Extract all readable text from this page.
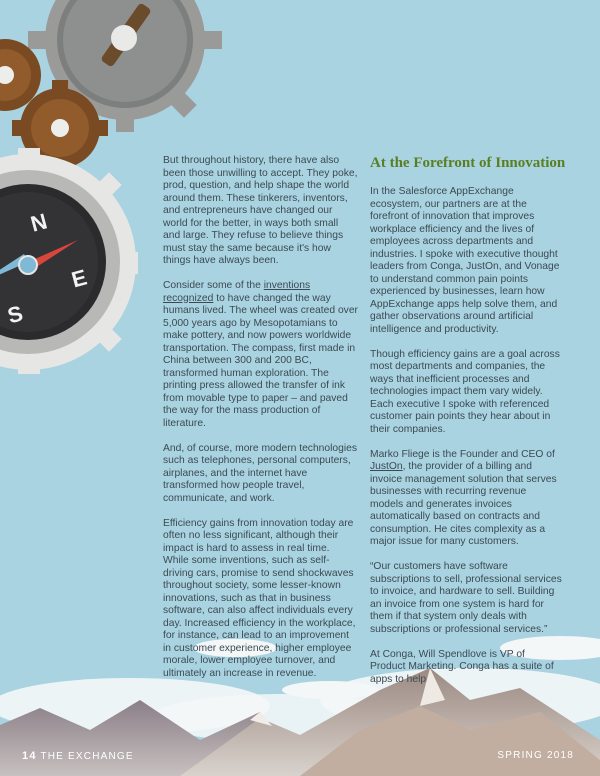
N
E
S
At the Forefront of Innovation

But throughout history, there have also been those unwilling to accept. They poke, prod, question, and help shape the world around them. These tinkerers, inventors, and entrepreneurs have changed our world for the better, in ways both small and large. They refuse to believe things must stay the same because it's how things have always been.

Consider some of the inventions recognized to have changed the way humans lived. The wheel was created over 5,000 years ago by Mesopotamians to make pottery, and now powers worldwide transportation. The compass, first made in China between 300 and 200 BC, transformed human exploration. The printing press allowed the transfer of ink from movable type to paper – and paved the way for the mass production of literature.

And, of course, more modern technologies such as telephones, personal computers, airplanes, and the internet have transformed how people travel, communicate, and work.

Efficiency gains from innovation today are often no less significant, although their impact is hard to assess in real time. While some inventions, such as self-driving cars, promise to send shockwaves throughout society, some lesser-known innovations, such as that in business software, can also affect individuals every day. Increased efficiency in the workplace, for instance, can lead to an improvement in customer experience, higher employee morale, lower employee turnover, and ultimately an increase in revenue.

In the Salesforce AppExchange ecosystem, our partners are at the forefront of innovation that improves workplace efficiency and the lives of employees across departments and industries. I spoke with executive thought leaders from Conga, JustOn, and Vonage to understand common pain points experienced by businesses, learn how AppExchange apps help solve them, and gather observations around artificial intelligence and productivity.

Though efficiency gains are a goal across most departments and companies, the ways that inefficient processes and technologies impact them vary widely. Each executive I spoke with referenced customer pain points they hear about in their companies.

Marko Fliege is the Founder and CEO of JustOn, the provider of a billing and invoice management solution that serves businesses with recurring revenue models and generates invoices automatically based on contracts and consumption. He cites complexity as a major issue for many customers.

“Our customers have software subscriptions to sell, professional services to invoice, and hardware to sell. Building an invoice from one system is hard for them if that system only deals with subscriptions or professional services.”

At Conga, Will Spendlove is VP of Product Marketing. Conga has a suite of apps to help

14 THE EXCHANGE	SPRING 2018
